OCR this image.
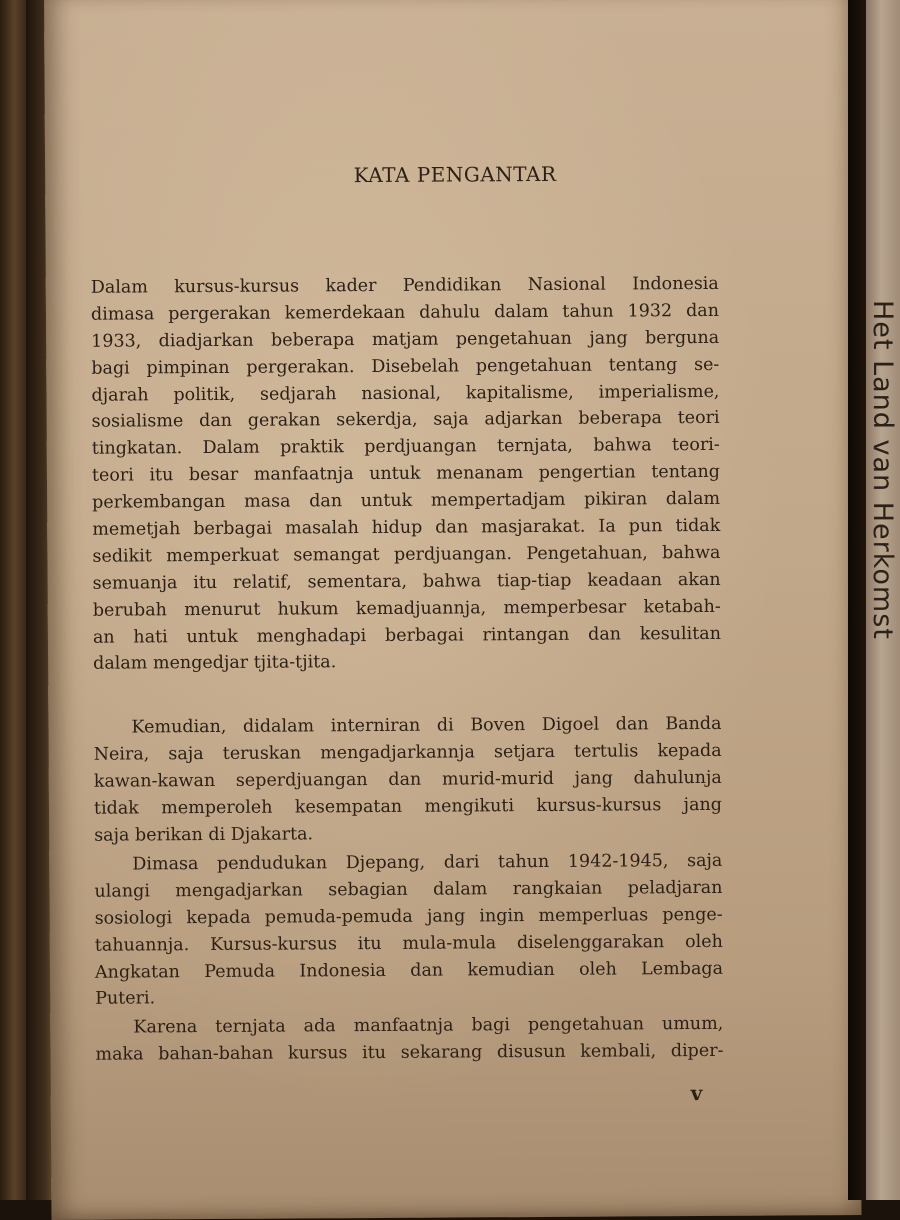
KATA PENGANTAR
Dalam kursus-kursus kader Pendidikan Nasional Indonesia
dimasa pergerakan kemerdekaan dahulu dalam tahun 1932 dan
1933, diadjarkan beberapa matjam pengetahuan jang berguna
bagi pimpinan pergerakan. Disebelah pengetahuan tentang se-
djarah politik, sedjarah nasional, kapitalisme, imperialisme,
sosialisme dan gerakan sekerdja, saja adjarkan beberapa teori
tingkatan. Dalam praktik perdjuangan ternjata, bahwa teori-
teori itu besar manfaatnja untuk menanam pengertian tentang
perkembangan masa dan untuk mempertadjam pikiran dalam
memetjah berbagai masalah hidup dan masjarakat. Ia pun tidak
sedikit memperkuat semangat perdjuangan. Pengetahuan, bahwa
semuanja itu relatif, sementara, bahwa tiap-tiap keadaan akan
berubah menurut hukum kemadjuannja, memperbesar ketabah-
an hati untuk menghadapi berbagai rintangan dan kesulitan
dalam mengedjar tjita-tjita.
Kemudian, didalam interniran di Boven Digoel dan Banda
Neira, saja teruskan mengadjarkannja setjara tertulis kepada
kawan-kawan seperdjuangan dan murid-murid jang dahulunja
tidak memperoleh kesempatan mengikuti kursus-kursus jang
saja berikan di Djakarta.
Dimasa pendudukan Djepang, dari tahun 1942-1945, saja
ulangi mengadjarkan sebagian dalam rangkaian peladjaran
sosiologi kepada pemuda-pemuda jang ingin memperluas penge-
tahuannja. Kursus-kursus itu mula-mula diselenggarakan oleh
Angkatan Pemuda Indonesia dan kemudian oleh Lembaga
Puteri.
Karena ternjata ada manfaatnja bagi pengetahuan umum,
maka bahan-bahan kursus itu sekarang disusun kembali, diper-
v
Het Land van Herkomst
